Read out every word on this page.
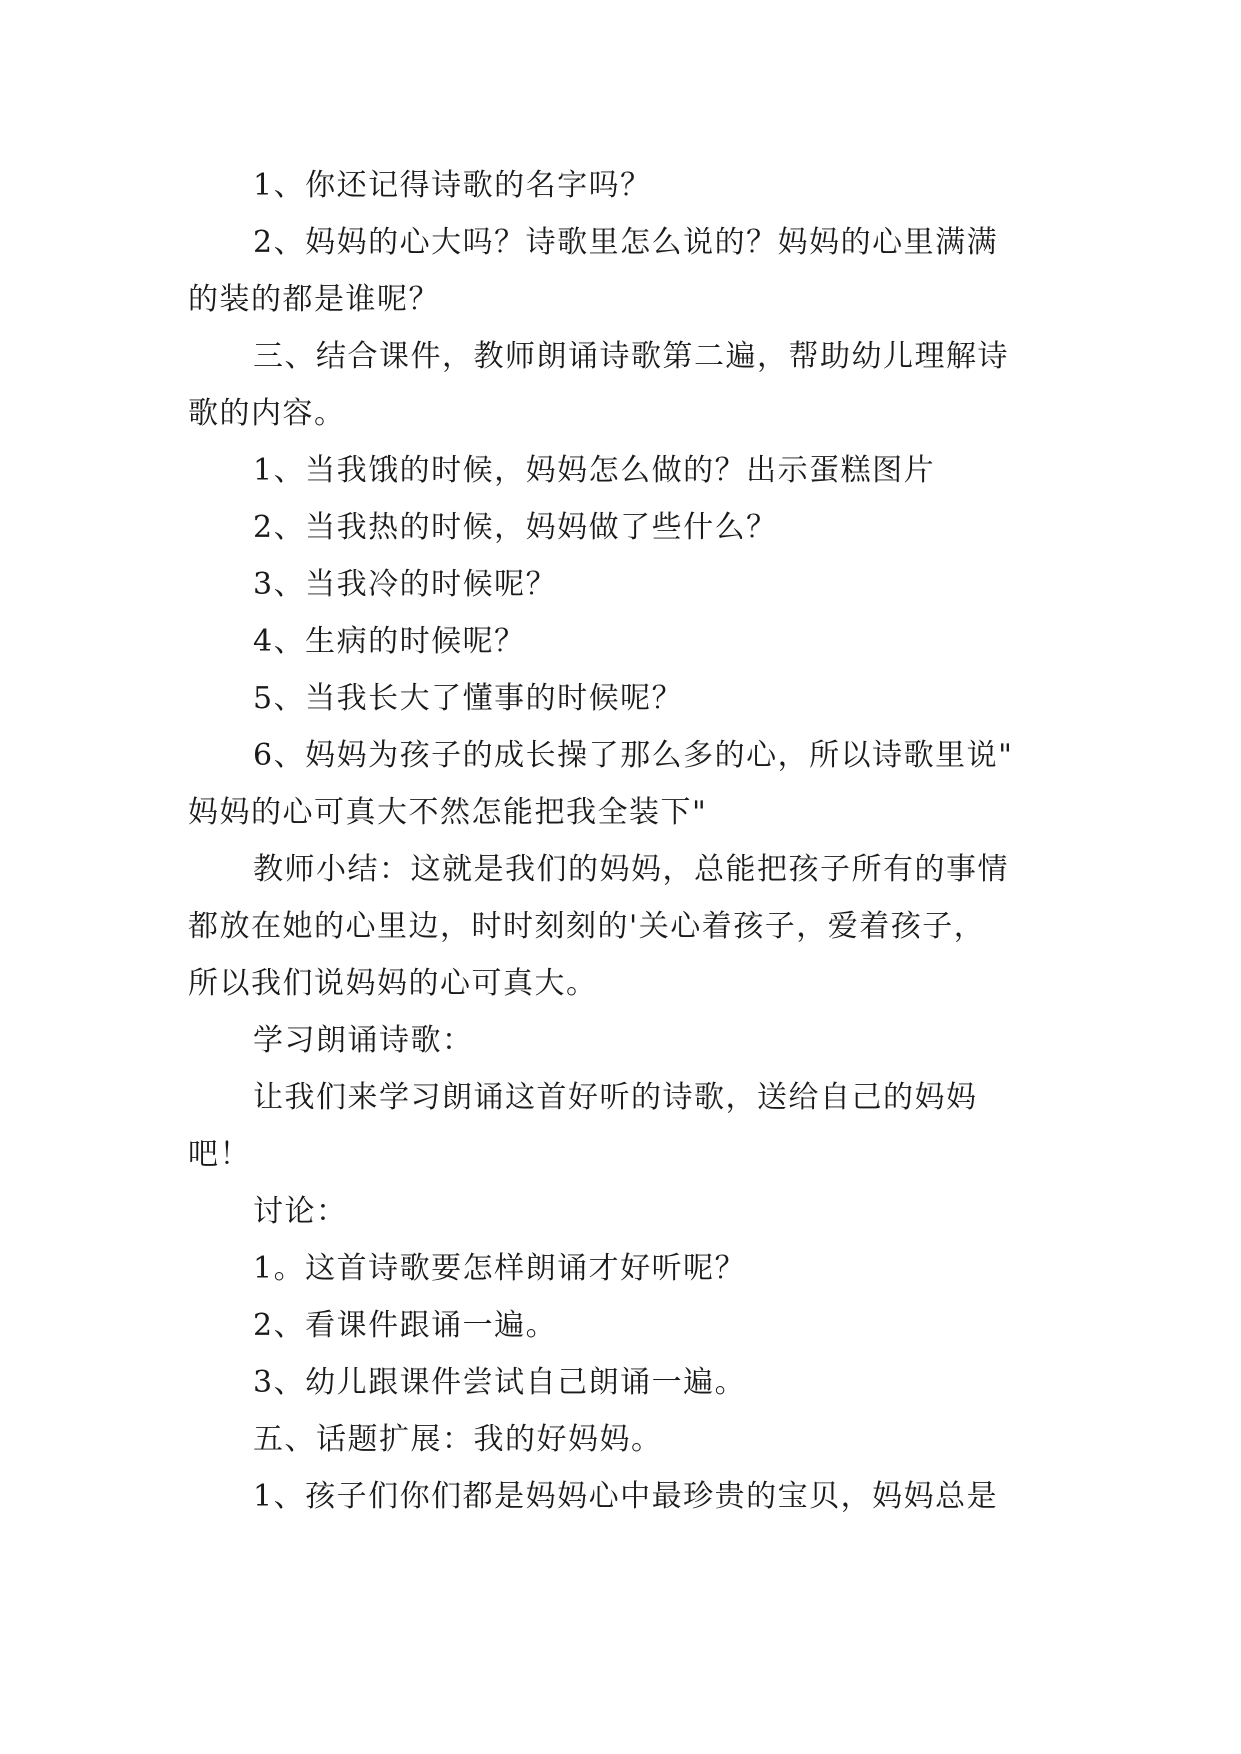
1、你还记得诗歌的名字吗？

2、妈妈的心大吗？诗歌里怎么说的？妈妈的心里满满

的装的都是谁呢？

三、结合课件，教师朗诵诗歌第二遍，帮助幼儿理解诗

歌的内容。

1、当我饿的时候，妈妈怎么做的？出示蛋糕图片

2、当我热的时候，妈妈做了些什么？

3、当我冷的时候呢？

4、生病的时候呢？

5、当我长大了懂事的时候呢？

6、妈妈为孩子的成长操了那么多的心，所以诗歌里说"

妈妈的心可真大不然怎能把我全装下"

教师小结：这就是我们的妈妈，总能把孩子所有的事情

都放在她的心里边，时时刻刻的'关心着孩子，爱着孩子，

所以我们说妈妈的心可真大。

学习朗诵诗歌：

让我们来学习朗诵这首好听的诗歌，送给自己的妈妈

吧！

讨论：

1。这首诗歌要怎样朗诵才好听呢？

2、看课件跟诵一遍。

3、幼儿跟课件尝试自己朗诵一遍。

五、话题扩展：我的好妈妈。

1、孩子们你们都是妈妈心中最珍贵的宝贝，妈妈总是
